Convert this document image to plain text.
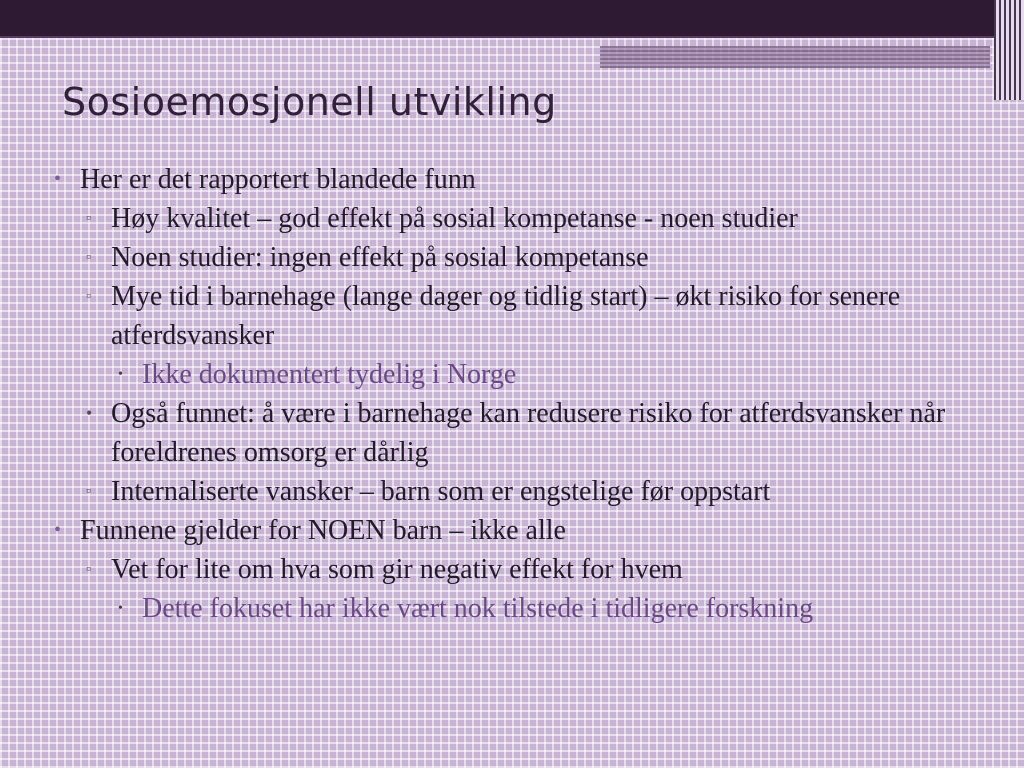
Sosioemosjonell utvikling
• Her er det rapportert blandede funn
▫ Høy kvalitet – god effekt på sosial kompetanse - noen studier
▫ Noen studier: ingen effekt på sosial kompetanse
▫ Mye tid i barnehage (lange dager og tidlig start) – økt risiko for senere atferdsvansker
• Ikke dokumentert tydelig i Norge
• Også funnet: å være i barnehage kan redusere risiko for atferdsvansker når foreldrenes omsorg er dårlig
▫ Internaliserte vansker – barn som er engstelige før oppstart
• Funnene gjelder for NOEN barn – ikke alle
▫ Vet for lite om hva som gir negativ effekt for hvem
• Dette fokuset har ikke vært nok tilstede i tidligere forskning
